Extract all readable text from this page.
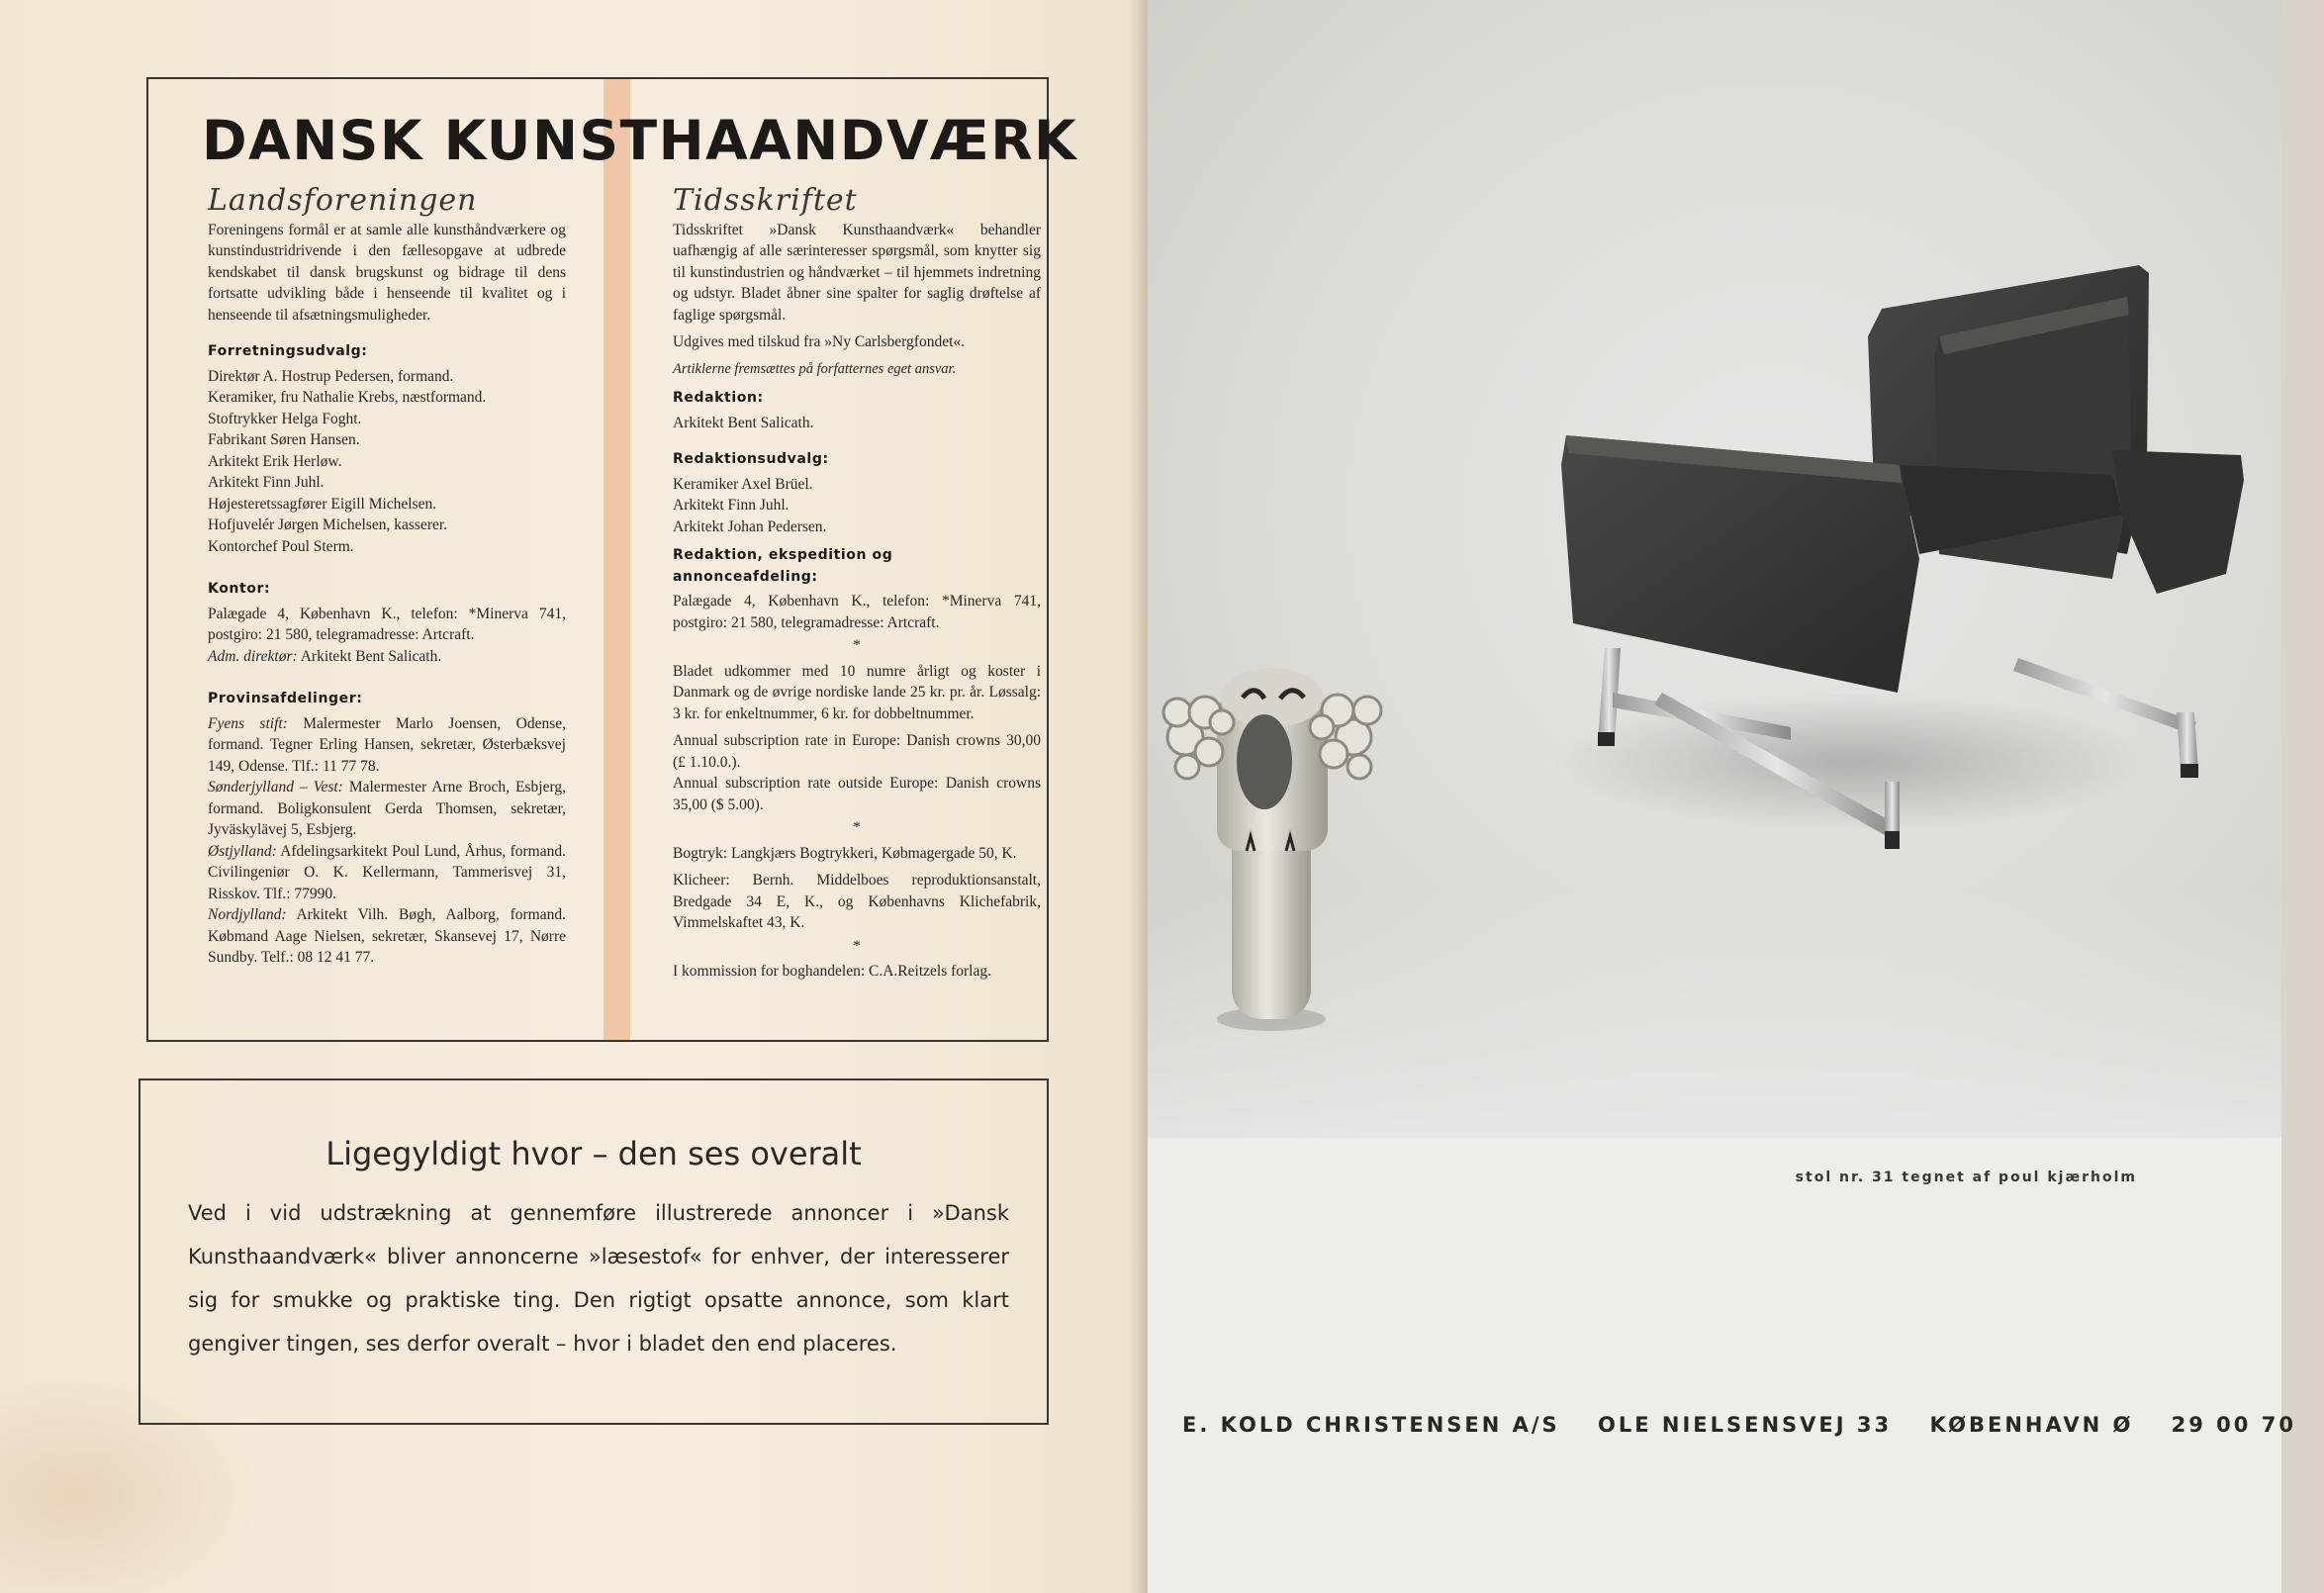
DANSK KUNSTHAANDVÆRK
Landsforeningen

Foreningens formål er at samle alle kunsthåndværkere og kunstindustridrivende i den fællesopgave at udbrede kendskabet til dansk brugskunst og bidrage til dens fortsatte udvikling både i henseende til kvalitet og i henseende til afsætningsmuligheder.

Forretningsudvalg:

Direktør A. Hostrup Pedersen, formand.

Keramiker, fru Nathalie Krebs, næstformand.

Stoftrykker Helga Foght.

Fabrikant Søren Hansen.

Arkitekt Erik Herløw.

Arkitekt Finn Juhl.

Højesteretssagfører Eigill Michelsen.

Hofjuvelér Jørgen Michelsen, kasserer.

Kontorchef Poul Sterm.

Kontor:

Palægade 4, København K., telefon: *Minerva 741, postgiro: 21 580, telegramadresse: Artcraft.

Adm. direktør: Arkitekt Bent Salicath.

Provinsafdelinger:

Fyens stift: Malermester Marlo Joensen, Odense, formand. Tegner Erling Hansen, sekretær, Østerbæksvej 149, Odense. Tlf.: 11 77 78.

Sønderjylland – Vest: Malermester Arne Broch, Esbjerg, formand. Boligkonsulent Gerda Thomsen, sekretær, Jyväskylävej 5, Esbjerg.

Østjylland: Afdelingsarkitekt Poul Lund, Århus, formand. Civilingeniør O. K. Kellermann, Tammerisvej 31, Risskov. Tlf.: 77990.

Nordjylland: Arkitekt Vilh. Bøgh, Aalborg, formand. Købmand Aage Nielsen, sekretær, Skansevej 17, Nørre Sundby. Telf.: 08 12 41 77.

Tidsskriftet

Tidsskriftet »Dansk Kunsthaandværk« behandler uafhængig af alle særinteresser spørgsmål, som knytter sig til kunstindustrien og håndværket – til hjemmets indretning og udstyr. Bladet åbner sine spalter for saglig drøftelse af faglige spørgsmål.

Udgives med tilskud fra »Ny Carlsbergfondet«.

Artiklerne fremsættes på forfatternes eget ansvar.

Redaktion:

Arkitekt Bent Salicath.

Redaktionsudvalg:

Keramiker Axel Brüel.

Arkitekt Finn Juhl.

Arkitekt Johan Pedersen.

Redaktion, ekspedition og annonceafdeling:

Palægade 4, København K., telefon: *Minerva 741, postgiro: 21 580, telegramadresse: Artcraft.

*

Bladet udkommer med 10 numre årligt og koster i Danmark og de øvrige nordiske lande 25 kr. pr. år. Løssalg: 3 kr. for enkeltnummer, 6 kr. for dobbeltnummer.

Annual subscription rate in Europe: Danish crowns 30,00 (£ 1.10.0.).

Annual subscription rate outside Europe: Danish crowns 35,00 ($ 5.00).

*

Bogtryk: Langkjærs Bogtrykkeri, Købmagergade 50, K.

Klicheer: Bernh. Middelboes reproduktionsanstalt, Bredgade 34 E, K., og Københavns Klichefabrik, Vimmelskaftet 43, K.

*

I kommission for boghandelen: C.A.Reitzels forlag.

Ligegyldigt hvor – den ses overalt
Ved i vid udstrækning at gennemføre illustrerede annoncer i »Dansk Kunsthaandværk« bliver annoncerne »læsestof« for enhver, der interesserer sig for smukke og praktiske ting. Den rigtigt opsatte annonce, som klart gengiver tingen, ses derfor overalt – hvor i bladet den end placeres.
stol nr. 31 tegnet af poul kjærholm
E. KOLD CHRISTENSEN A/S OLE NIELSENSVEJ 33 KØBENHAVN Ø 29 00 70
